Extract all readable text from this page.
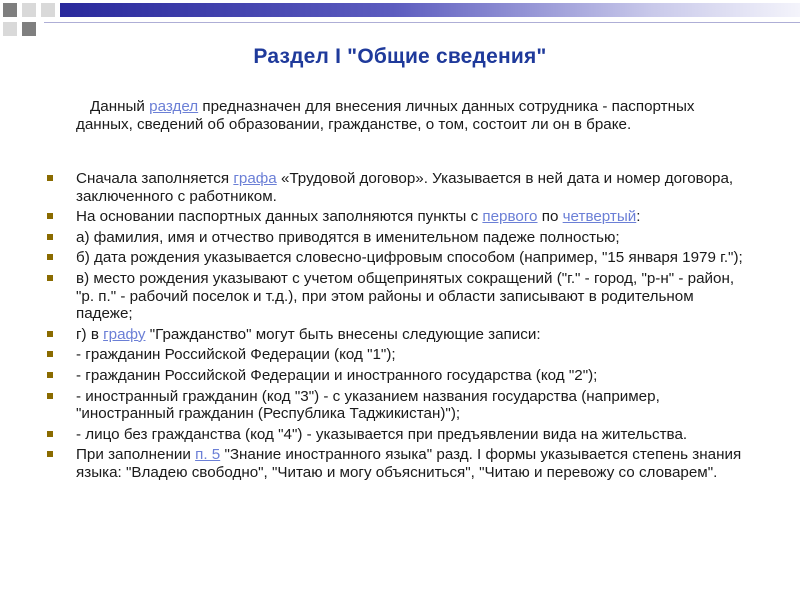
Раздел I "Общие сведения"

Данный раздел предназначен для внесения личных данных сотрудника - паспортных данных, сведений об образовании, гражданстве, о том, состоит ли он в браке.

Сначала заполняется графа «Трудовой договор». Указывается в ней дата и номер договора, заключенного с работником.
На основании паспортных данных заполняются пункты с первого по четвертый:
а) фамилия, имя и отчество приводятся в именительном падеже полностью;
б) дата рождения указывается словесно-цифровым способом (например, "15 января 1979 г.");
в) место рождения указывают с учетом общепринятых сокращений ("г." - город, "р-н" - район, "р. п." - рабочий поселок и т.д.), при этом районы и области записывают в родительном падеже;
г) в графу "Гражданство" могут быть внесены следующие записи:
- гражданин Российской Федерации (код "1");
- гражданин Российской Федерации и иностранного государства (код "2");
- иностранный гражданин (код "3") - с указанием названия государства (например, "иностранный гражданин (Республика Таджикистан)");
- лицо без гражданства (код "4") - указывается при предъявлении вида на жительства.
При заполнении п. 5 "Знание иностранного языка" разд. I формы указывается степень знания языка: "Владею свободно", "Читаю и могу объясниться", "Читаю и перевожу со словарем".
